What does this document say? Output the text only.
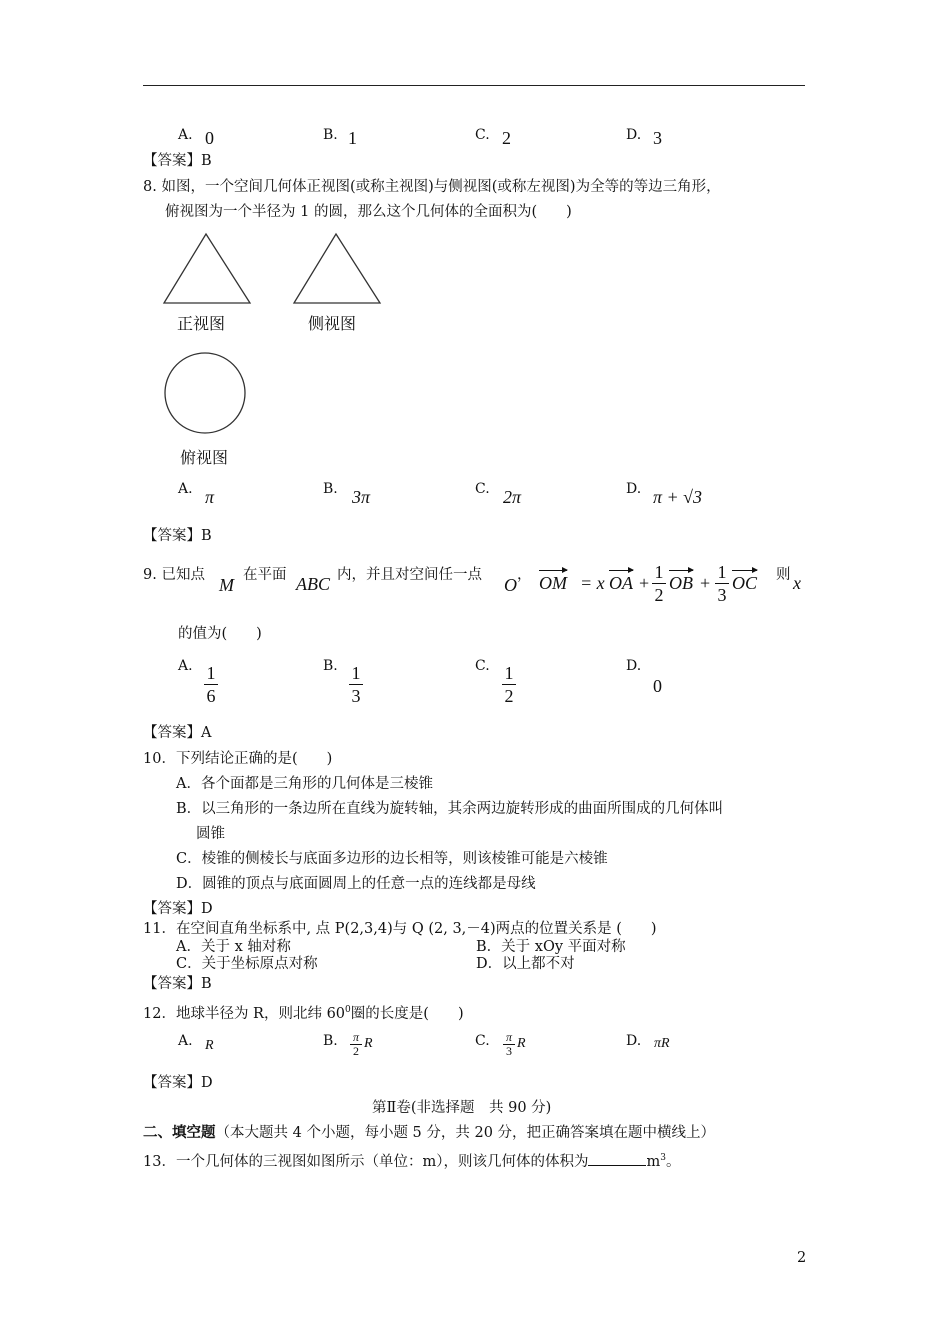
A. 0	B. 1	C. 2	D. 3
【答案】B
8. 如图，一个空间几何体正视图(或称主视图)与侧视图(或称左视图)为全等的等边三角形，
俯视图为一个半径为 1 的圆，那么这个几何体的全面积为(　　)
正视图	侧视图
俯视图
A. π	B. 3π	C. 2π	D. π + √3
【答案】B
9. 已知点 M 在平面 ABC 内，并且对空间任一点 O ， OM = x OA +
1
2
OB +
1
3
OC 则 x
的值为(　　)
A. 1
6
B. 1
3
C. 1
2
D.
0
【答案】A
10．下列结论正确的是(　　)
A．各个面都是三角形的几何体是三棱锥
B．以三角形的一条边所在直线为旋转轴，其余两边旋转形成的曲面所围成的几何体叫
圆锥
C．棱锥的侧棱长与底面多边形的边长相等，则该棱锥可能是六棱锥
D．圆锥的顶点与底面圆周上的任意一点的连线都是母线
【答案】D
11．在空间直角坐标系中, 点 P(2,3,4)与 Q (2, 3,－4)两点的位置关系是 (　　)
A．关于 x 轴对称	B．关于 xOy 平面对称
C．关于坐标原点对称	D．以上都不对
【答案】B
12．地球半径为 R，则北纬 $60^0$圈的长度是(　　)
A. R	B. π
2 R	C. π
3 R	D. πR
【答案】D
第Ⅱ卷(非选择题　共 90 分)
二、填空题（本大题共 4 个小题，每小题 5 分，共 20 分，把正确答案填在题中横线上）
13．一个几何体的三视图如图所示（单位：m），则该几何体的体积为	$m^3$。
2
